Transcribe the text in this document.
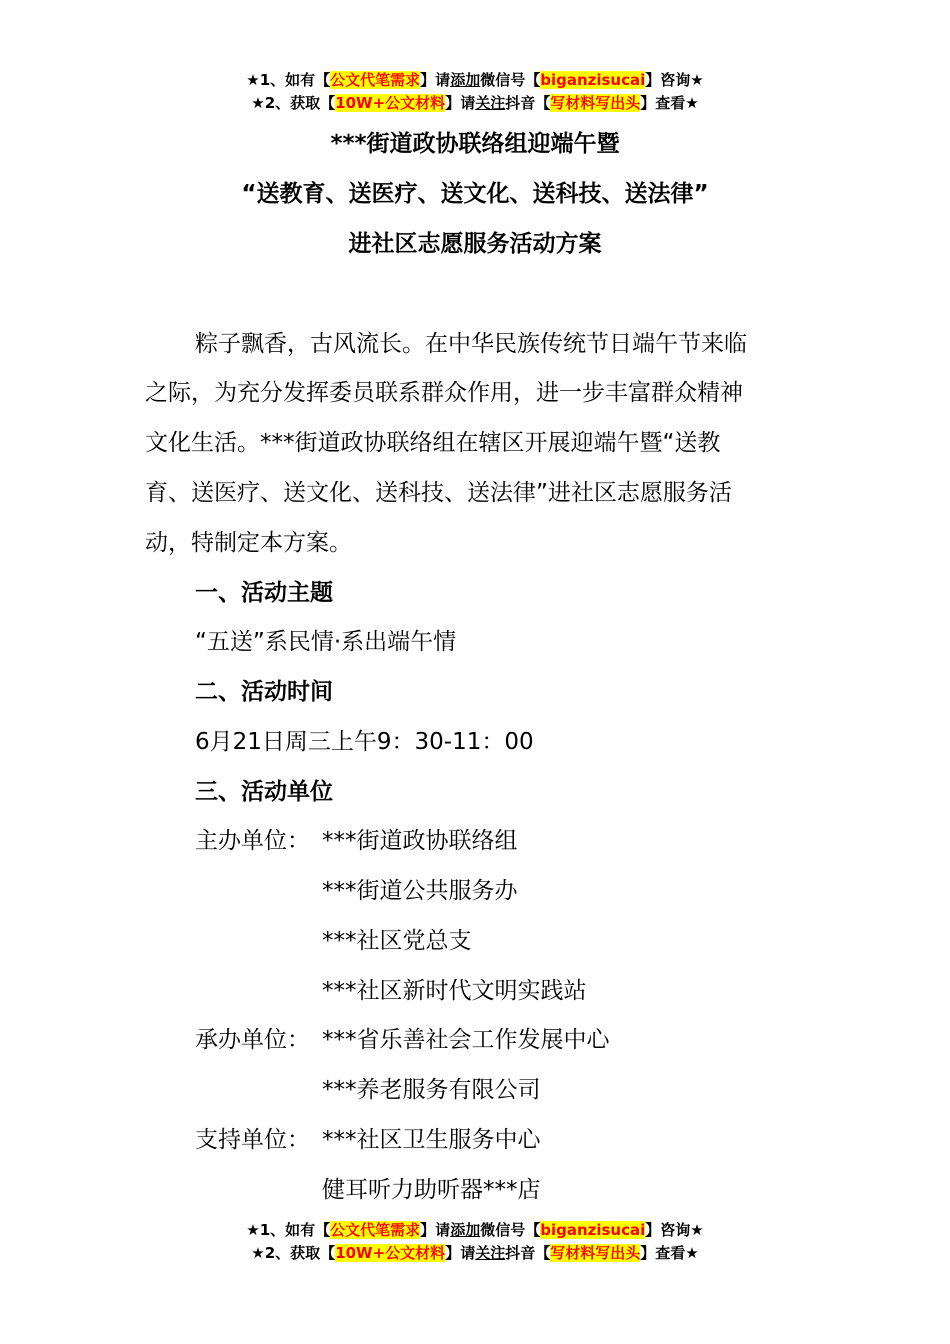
★1、如有【公文代笔需求】请添加微信号【biganzisucai】咨询★
★2、获取【10W+公文材料】请关注抖音【写材料写出头】查看★
***街道政协联络组迎端午暨
“送教育、送医疗、送文化、送科技、送法律”
进社区志愿服务活动方案
粽子飘香，古风流长。在中华民族传统节日端午节来临
之际，为充分发挥委员联系群众作用，进一步丰富群众精神
文化生活。***街道政协联络组在辖区开展迎端午暨“送教
育、送医疗、送文化、送科技、送法律”进社区志愿服务活
动，特制定本方案。
一、活动主题
“五送”系民情·系出端午情
二、活动时间
6月21日周三上午9：30-11：00
三、活动单位
主办单位： ***街道政协联络组
***街道公共服务办
***社区党总支
***社区新时代文明实践站
承办单位： ***省乐善社会工作发展中心
***养老服务有限公司
支持单位： ***社区卫生服务中心
健耳听力助听器***店
★1、如有【公文代笔需求】请添加微信号【biganzisucai】咨询★
★2、获取【10W+公文材料】请关注抖音【写材料写出头】查看★
